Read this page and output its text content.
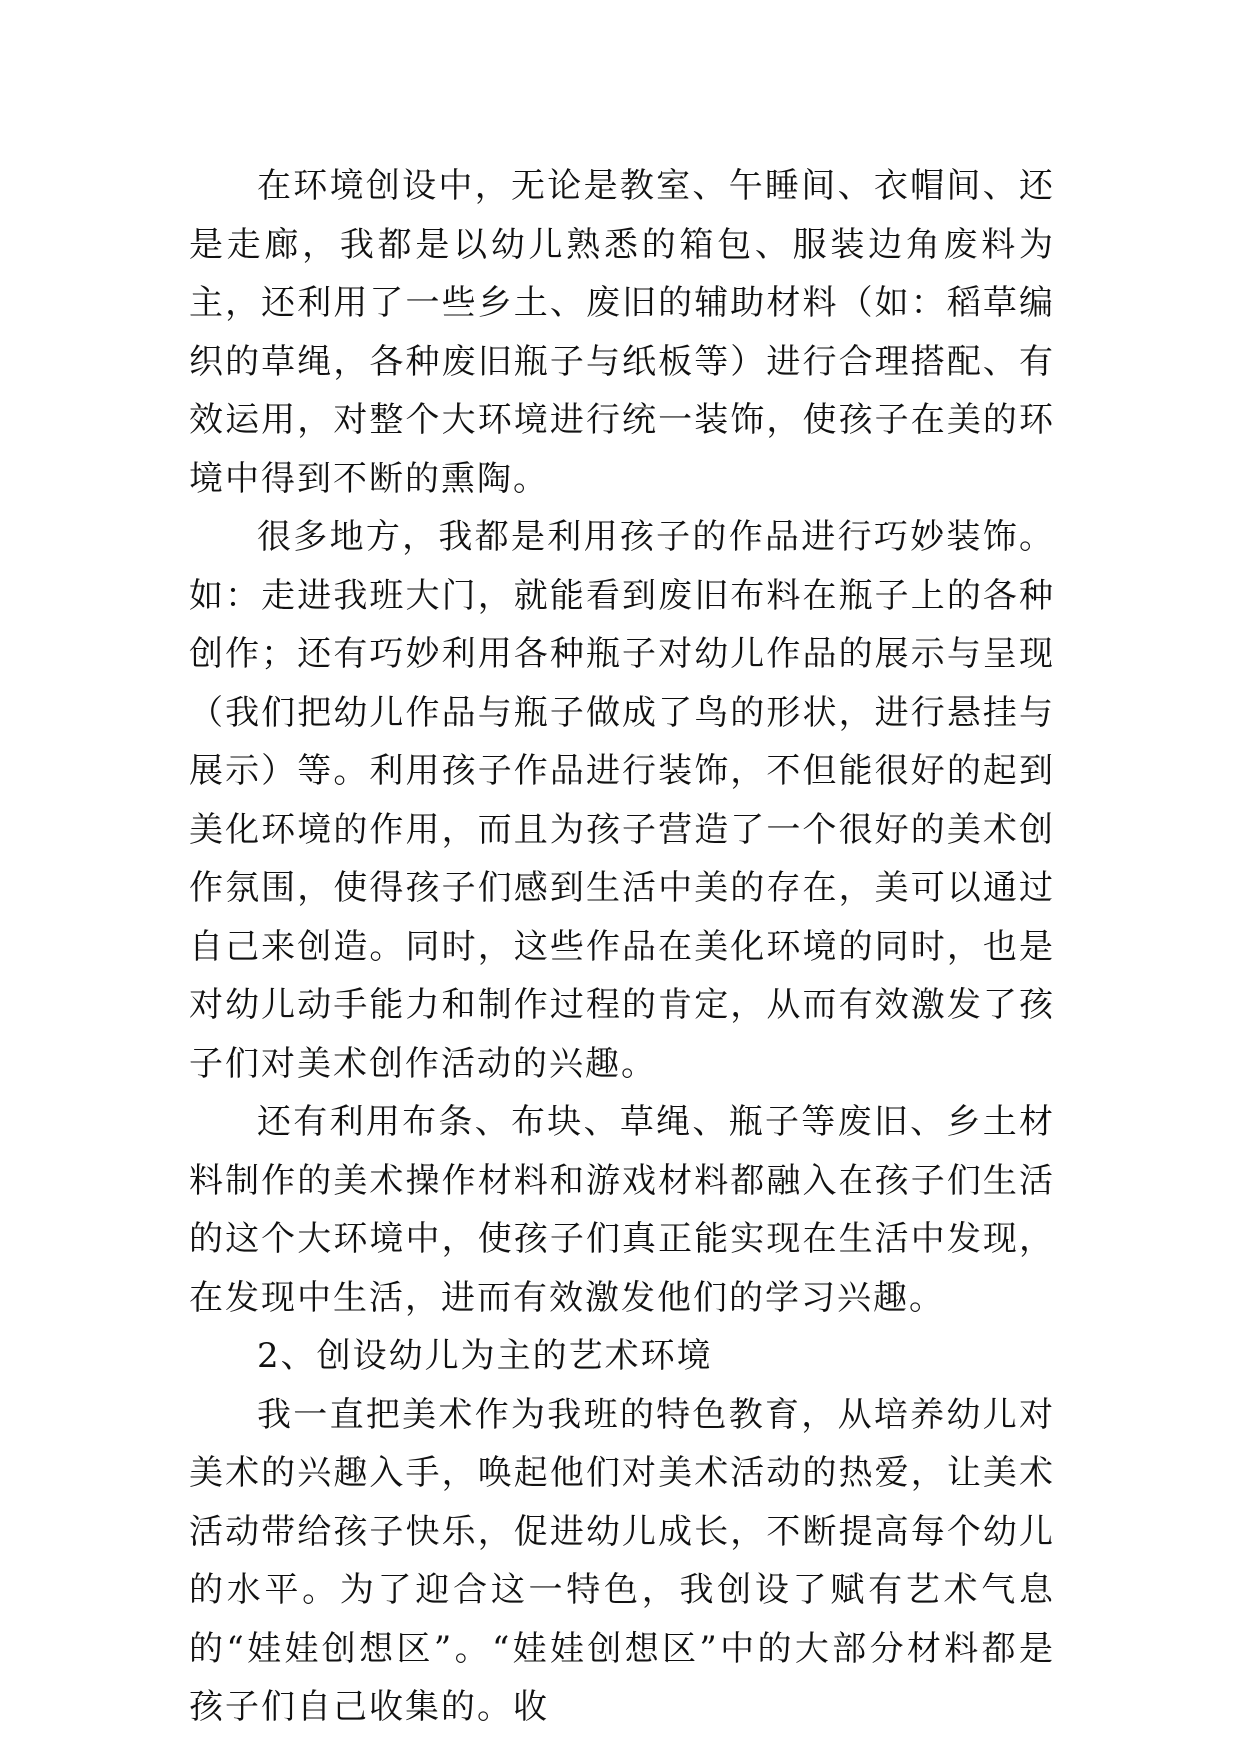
在环境创设中，无论是教室、午睡间、衣帽间、还是走廊，我都是以幼儿熟悉的箱包、服装边角废料为主，还利用了一些乡土、废旧的辅助材料（如：稻草编织的草绳，各种废旧瓶子与纸板等）进行合理搭配、有效运用，对整个大环境进行统一装饰，使孩子在美的环境中得到不断的熏陶。

很多地方，我都是利用孩子的作品进行巧妙装饰。如：走进我班大门，就能看到废旧布料在瓶子上的各种创作；还有巧妙利用各种瓶子对幼儿作品的展示与呈现（我们把幼儿作品与瓶子做成了鸟的形状，进行悬挂与展示）等。利用孩子作品进行装饰，不但能很好的起到美化环境的作用，而且为孩子营造了一个很好的美术创作氛围，使得孩子们感到生活中美的存在，美可以通过自己来创造。同时，这些作品在美化环境的同时，也是对幼儿动手能力和制作过程的肯定，从而有效激发了孩子们对美术创作活动的兴趣。

还有利用布条、布块、草绳、瓶子等废旧、乡土材料制作的美术操作材料和游戏材料都融入在孩子们生活的这个大环境中，使孩子们真正能实现在生活中发现，在发现中生活，进而有效激发他们的学习兴趣。

2、创设幼儿为主的艺术环境

我一直把美术作为我班的特色教育，从培养幼儿对美术的兴趣入手，唤起他们对美术活动的热爱，让美术活动带给孩子快乐，促进幼儿成长，不断提高每个幼儿的水平。为了迎合这一特色，我创设了赋有艺术气息的“娃娃创想区”。“娃娃创想区”中的大部分材料都是孩子们自己收集的。收
